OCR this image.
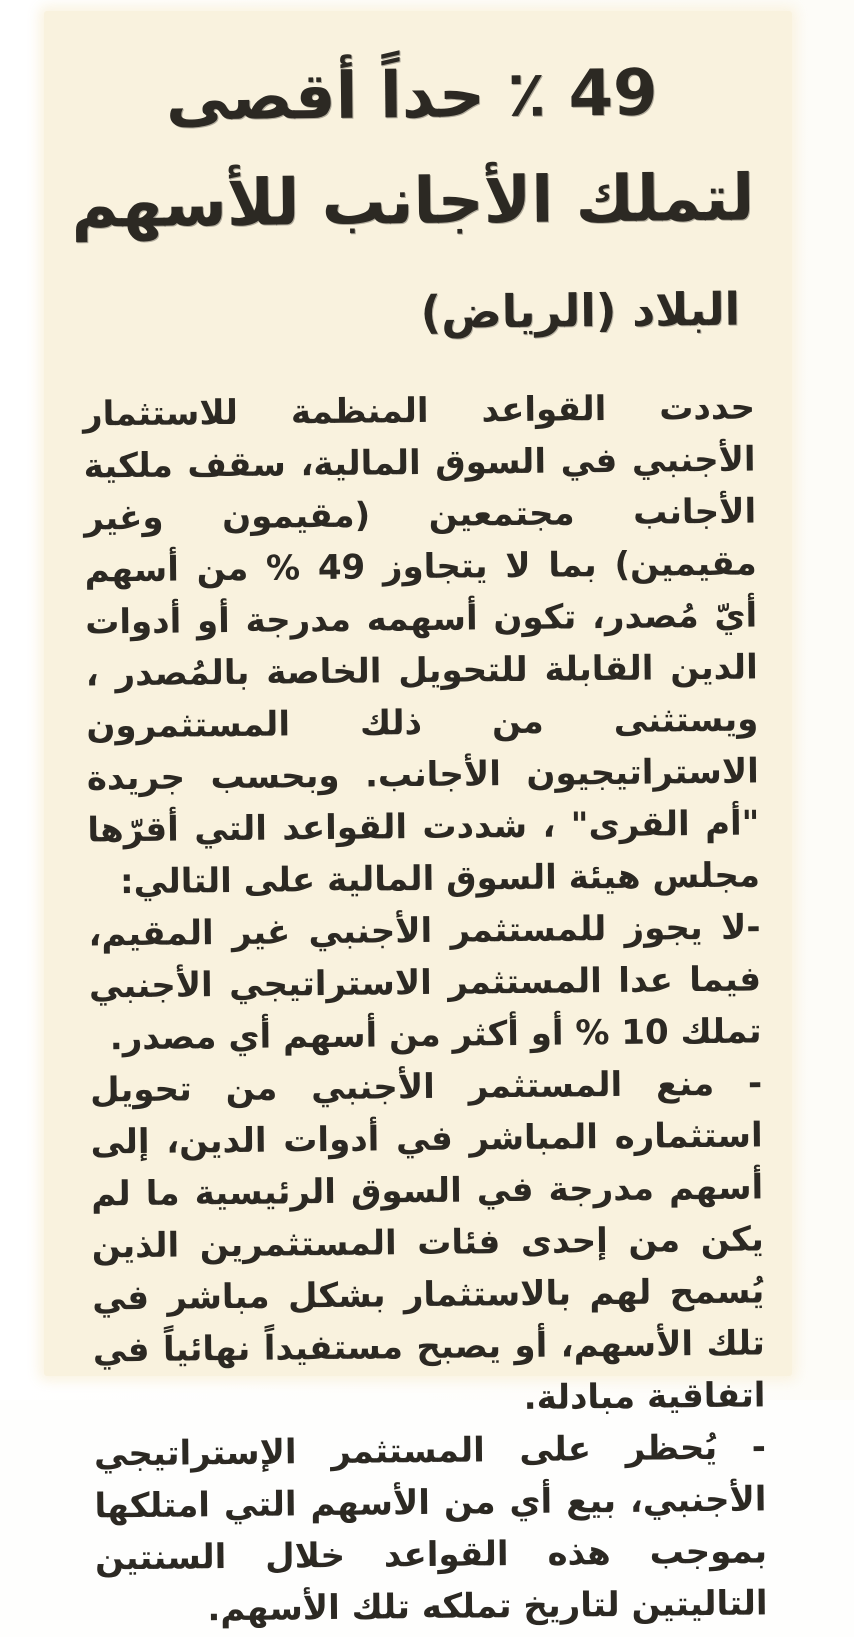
49 ٪ حداً أقصى
لتملك الأجانب للأسهم
البلاد (الرياض)

حددت القواعد المنظمة للاستثمار الأجنبي في السوق المالية، سقف ملكية الأجانب مجتمعين (مقيمون وغير مقيمين) بما لا يتجاوز 49 % من أسهم أيّ مُصدر، تكون أسهمه مدرجة أو أدوات الدين القابلة للتحويل الخاصة بالمُصدر ، ويستثنى من ذلك المستثمرون الاستراتيجيون الأجانب. وبحسب جريدة "أم القرى" ، شددت القواعد التي أقرّها مجلس هيئة السوق المالية على التالي:

-لا يجوز للمستثمر الأجنبي غير المقيم، فيما عدا المستثمر الاستراتيجي الأجنبي تملك 10 % أو أكثر من أسهم أي مصدر.

- منع المستثمر الأجنبي من تحويل استثماره المباشر في أدوات الدين، إلى أسهم مدرجة في السوق الرئيسية ما لم يكن من إحدى فئات المستثمرين الذين يُسمح لهم بالاستثمار بشكل مباشر في تلك الأسهم، أو يصبح مستفيداً نهائياً في اتفاقية مبادلة.

- يُحظر على المستثمر الإستراتيجي الأجنبي، بيع أي من الأسهم التي امتلكها بموجب هذه القواعد خلال السنتين التاليتين لتاريخ تملكه تلك الأسهم.
